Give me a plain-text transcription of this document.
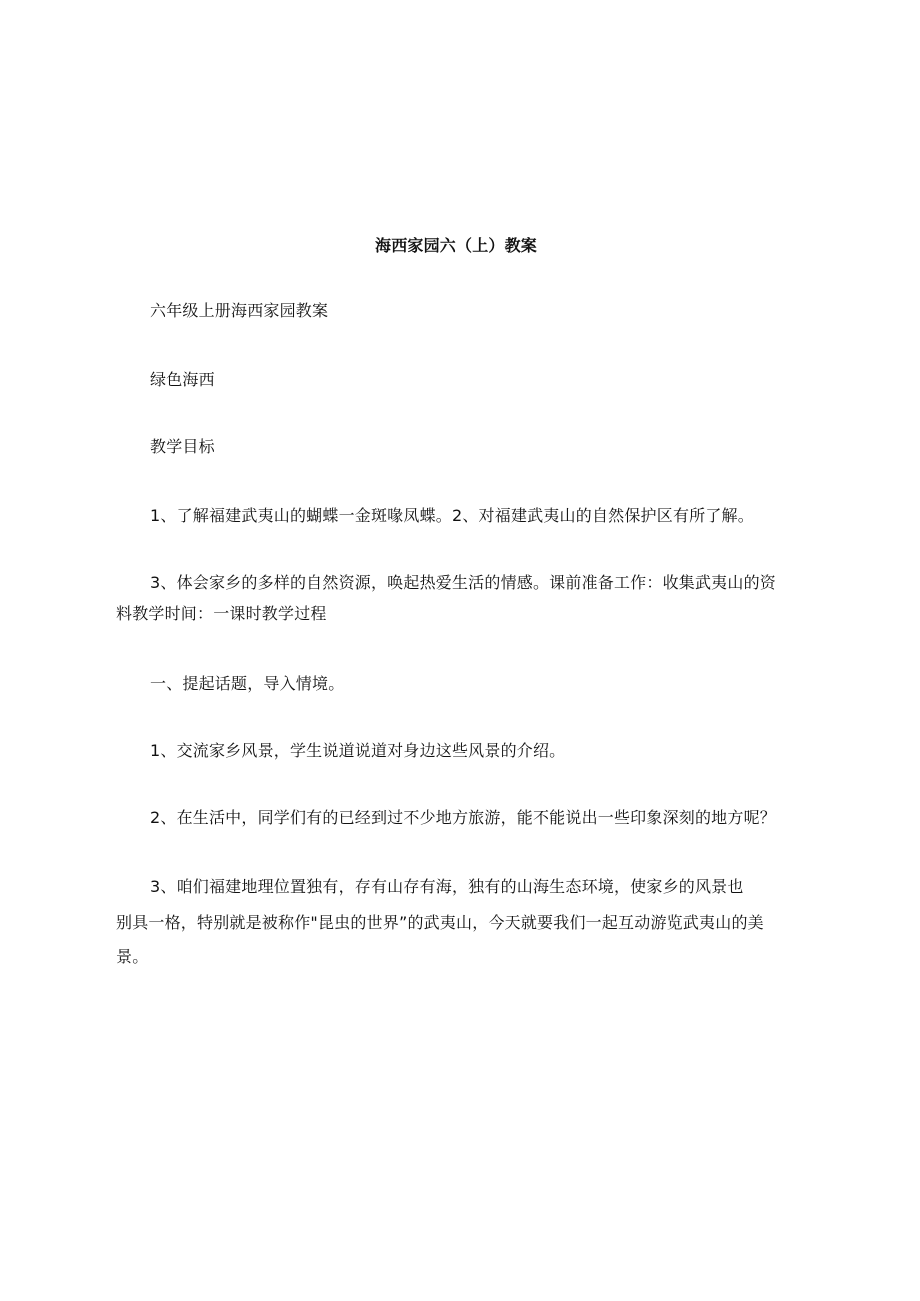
海西家园六（上）教案
六年级上册海西家园教案
绿色海西
教学目标
1、了解福建武夷山的蝴蝶一金斑喙凤蝶。2、对福建武夷山的自然保护区有所了解。
3、体会家乡的多样的自然资源，唤起热爱生活的情感。课前准备工作：收集武夷山的资
料教学时间：一课时教学过程
一、提起话题，导入情境。
1、交流家乡风景，学生说道说道对身边这些风景的介绍。
2、在生活中，同学们有的已经到过不少地方旅游，能不能说出一些印象深刻的地方呢？
3、咱们福建地理位置独有，存有山存有海，独有的山海生态环境，使家乡的风景也
别具一格，特别就是被称作"昆虫的世界”的武夷山，今天就要我们一起互动游览武夷山的美
景。
